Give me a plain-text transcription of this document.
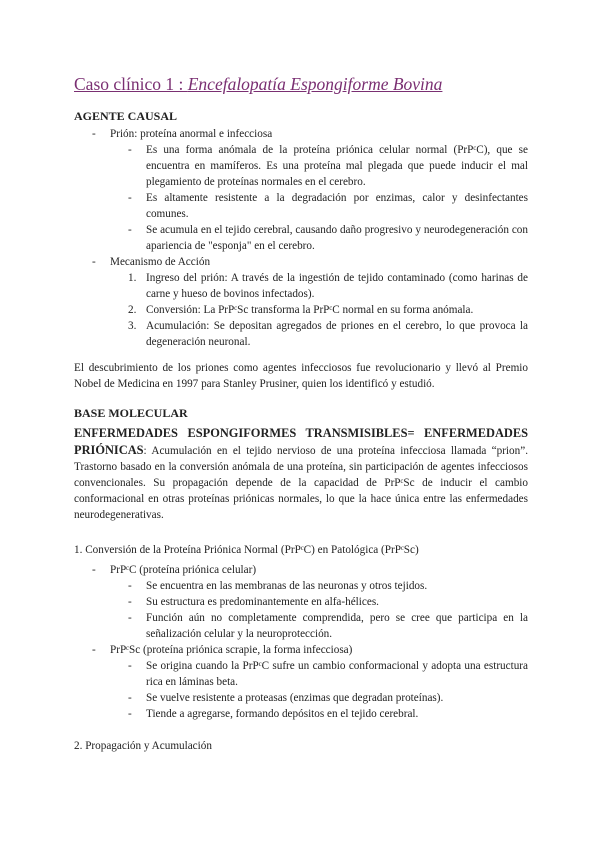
Caso clínico 1 : Encefalopatía Espongiforme Bovina
AGENTE CAUSAL
- Prión: proteína anormal e infecciosa
- Es una forma anómala de la proteína priónica celular normal (PrPᶜC), que se encuentra en mamíferos. Es una proteína mal plegada que puede inducir el mal plegamiento de proteínas normales en el cerebro.
- Es altamente resistente a la degradación por enzimas, calor y desinfectantes comunes.
- Se acumula en el tejido cerebral, causando daño progresivo y neurodegeneración con apariencia de "esponja" en el cerebro.
- Mecanismo de Acción
1. Ingreso del prión: A través de la ingestión de tejido contaminado (como harinas de carne y hueso de bovinos infectados).
2. Conversión: La PrPᶜSc transforma la PrPᶜC normal en su forma anómala.
3. Acumulación: Se depositan agregados de priones en el cerebro, lo que provoca la degeneración neuronal.
El descubrimiento de los priones como agentes infecciosos fue revolucionario y llevó al Premio Nobel de Medicina en 1997 para Stanley Prusiner, quien los identificó y estudió.
BASE MOLECULAR
ENFERMEDADES ESPONGIFORMES TRANSMISIBLES= ENFERMEDADES PRIÓNICAS: Acumulación en el tejido nervioso de una proteína infecciosa llamada “prion”. Trastorno basado en la conversión anómala de una proteína, sin participación de agentes infecciosos convencionales. Su propagación depende de la capacidad de PrPᶜSc de inducir el cambio conformacional en otras proteínas priónicas normales, lo que la hace única entre las enfermedades neurodegenerativas.
1. Conversión de la Proteína Priónica Normal (PrPᶜC) en Patológica (PrPᶜSc)
- PrPᶜC (proteína priónica celular)
- Se encuentra en las membranas de las neuronas y otros tejidos.
- Su estructura es predominantemente en alfa-hélices.
- Función aún no completamente comprendida, pero se cree que participa en la señalización celular y la neuroprotección.
- PrPᶜSc (proteína priónica scrapie, la forma infecciosa)
- Se origina cuando la PrPᶜC sufre un cambio conformacional y adopta una estructura rica en láminas beta.
- Se vuelve resistente a proteasas (enzimas que degradan proteínas).
- Tiende a agregarse, formando depósitos en el tejido cerebral.
2. Propagación y Acumulación
